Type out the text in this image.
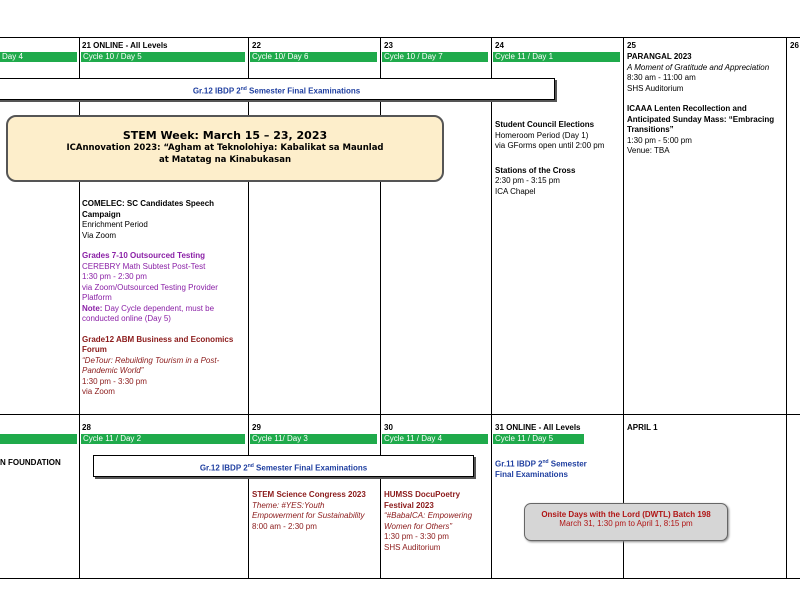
Day 4
21 ONLINE - All Levels
Cycle 10 / Day 5
22
Cycle 10/ Day 6
23
Cycle 10 / Day 7
24
Cycle 11 / Day 1
25	26
Gr.12 IBDP 2nd Semester Final Examinations
STEM Week: March 15 – 23, 2023
ICAnnovation 2023: “Agham at Teknolohiya: Kabalikat sa Maunlad
at Matatag na Kinabukasan
COMELEC: SC Candidates Speech Campaign
Enrichment Period
Via Zoom
Grades 7-10 Outsourced Testing
CEREBRY Math Subtest Post-Test
1:30 pm - 2:30 pm
via Zoom/Outsourced Testing Provider Platform
Note: Day Cycle dependent, must be conducted online (Day 5)
Grade12 ABM Business and Economics Forum
“DeTour: Rebuilding Tourism in a Post-Pandemic World”
1:30 pm - 3:30 pm
via Zoom
Student Council Elections
Homeroom Period (Day 1)
via GForms open until 2:00 pm
Stations of the Cross
2:30 pm - 3:15 pm
ICA Chapel
PARANGAL 2023
A Moment of Gratitude and Appreciation
8:30 am - 11:00 am
SHS Auditorium
ICAAA Lenten Recollection and Anticipated Sunday Mass: “Embracing Transitions”
1:30 pm - 5:00 pm
Venue: TBA
N FOUNDATION
28
Cycle 11 / Day 2
29
Cycle 11/ Day 3
30
Cycle 11 / Day 4
31 ONLINE - All Levels
Cycle 11 / Day 5
APRIL 1
Gr.12 IBDP 2nd Semester Final Examinations	Gr.11 IBDP 2nd Semester Final Examinations
STEM Science Congress 2023
Theme: #YES:Youth Empowerment for Sustainability
8:00 am - 2:30 pm
HUMSS DocuPoetry Festival 2023
“#BabaICA: Empowering Women for Others”
1:30 pm - 3:30 pm
SHS Auditorium
Onsite Days with the Lord (DWTL) Batch 198
March 31, 1:30 pm to April 1, 8:15 pm
